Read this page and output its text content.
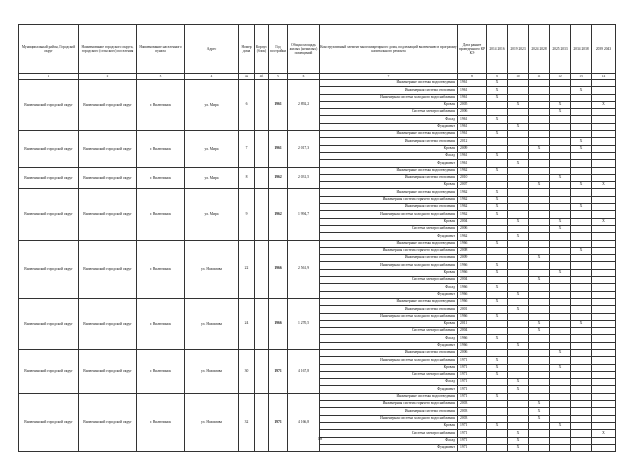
Муниципальный район, Городской округ	Наименование городского округа, городского (сельского) поселения	Наименование населенного пункта	Адрес	Номер дома	Корпус (блок)	Год постройки	Общая площадь жилых (нежилых) помещений	Конструктивный элемент многоквартирного дома, подлежащий включению в программу капитального ремонта	Дата раннее проведенного КР КЭ	2014 2016	2019 2023	2024 2028	2025 2033	2034 2038	2039 2043
1	2	3	4	4а	4б	5	6	7	8	9	10	11	12	13	14
Вилючинский городской округ	Вилючинский городской округ	г. Вилючинск	ул. Мира	6		1961	2 892,2	Инженерные системы водоотведения	1961	X					
								Инженерная система отопления	1961	X				X	
								Инженерная система холодного водоснабжения	1961	X					
								Кровля	2005		X		X		X
								Система электроснабжения	2006				X		
								Фасад	1961	X					
								Фундамент	1961		X				
Вилючинский городской округ	Вилючинский городской округ	г. Вилючинск	ул. Мира	7		1961	2 017,3	Инженерные системы водоотведения	1961	X					
								Инженерная система отопления	2012					X	
								Кровля	2009			X		X	
								Фасад	1961	X					
								Фундамент	1961		X				
Вилючинский городской округ	Вилючинский городской округ	г. Вилючинск	ул. Мира	8		1962	2 031,5	Инженерные системы водоотведения	1962	X					
								Инженерная система отопления	2010				X		
								Кровля	2007			X		X	X
Вилючинский городской округ	Вилючинский городской округ	г. Вилючинск	ул. Мира	9		1962	1 994,7	Инженерные системы водоотведения	1962	X					
								Инженерная система горячего водоснабжения	1962	X					
								Инженерная система отопления	1962	X				X	
								Инженерная система холодного водоснабжения	1962	X					
								Кровля	2004		X		X		X
								Система электроснабжения	2006				X		
								Фундамент	1962		X				
Вилючинский городской округ	Вилючинский городской округ	г. Вилючинск	ул. Нахимова	22		1966	2 561,9	Инженерные системы водоотведения	1966	X					
								Инженерная система горячего водоснабжения	2008					X	
								Инженерная система отопления	2009			X			
								Инженерная система холодного водоснабжения	1966	X					
								Кровля	1966	X			X		
								Система электроснабжения	2004			X			
								Фасад	1966	X					
								Фундамент	1966		X				
Вилючинский городской округ	Вилючинский городской округ	г. Вилючинск	ул. Нахимова	24		1966	1 270,5	Инженерные системы водоотведения	1966	X					
								Инженерная система отопления	2001		X				
								Инженерная система холодного водоснабжения	1966	X					
								Кровля	2011			X		X	
								Система электроснабжения	2004			X			
								Фасад	1966	X					
								Фундамент	1966		X				
Вилючинский городской округ	Вилючинский городской округ	г. Вилючинск	ул. Нахимова	30		1971	4 167,8	Инженерная система отопления	2006				X		
								Инженерная система холодного водоснабжения	1971	X					
								Кровля	1971	X			X		
								Система электроснабжения	1971	X					
								Фасад	1971		X				
								Фундамент	1971		X				
Вилючинский городской округ	Вилючинский городской округ	г. Вилючинск	ул. Нахимова	32		1971	4 166,8	Инженерные системы водоотведения	1971	X					
								Инженерная система горячего водоснабжения	2003			X			
								Инженерная система отопления	2003			X			
								Инженерная система холодного водоснабжения	2003			X			
								Кровля	1971	X			X		
								Система электроснабжения	1971		X				X
								Фасад	1971		X				
								Фундамент	1971		X				
18
